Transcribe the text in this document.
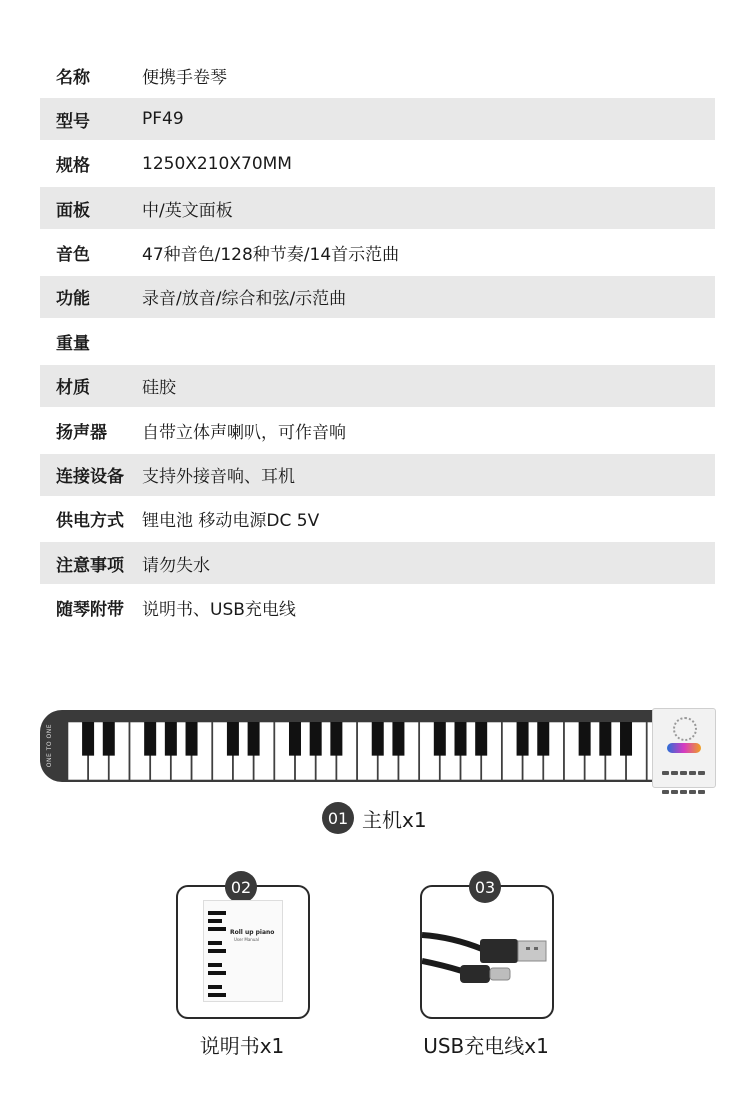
名称	便携手卷琴
型号	PF49
规格	1250X210X70MM
面板	中/英文面板
音色	47种音色/128种节奏/14首示范曲
功能	录音/放音/综合和弦/示范曲
重量
材质	硅胶
扬声器	自带立体声喇叭，可作音响
连接设备	支持外接音响、耳机
供电方式	锂电池 移动电源DC 5V
注意事项	请勿失水
随琴附带	说明书、USB充电线
ONE TO ONE

01 主机x1
02
Roll up piano
User Manual
说明书x1
03
USB充电线x1
